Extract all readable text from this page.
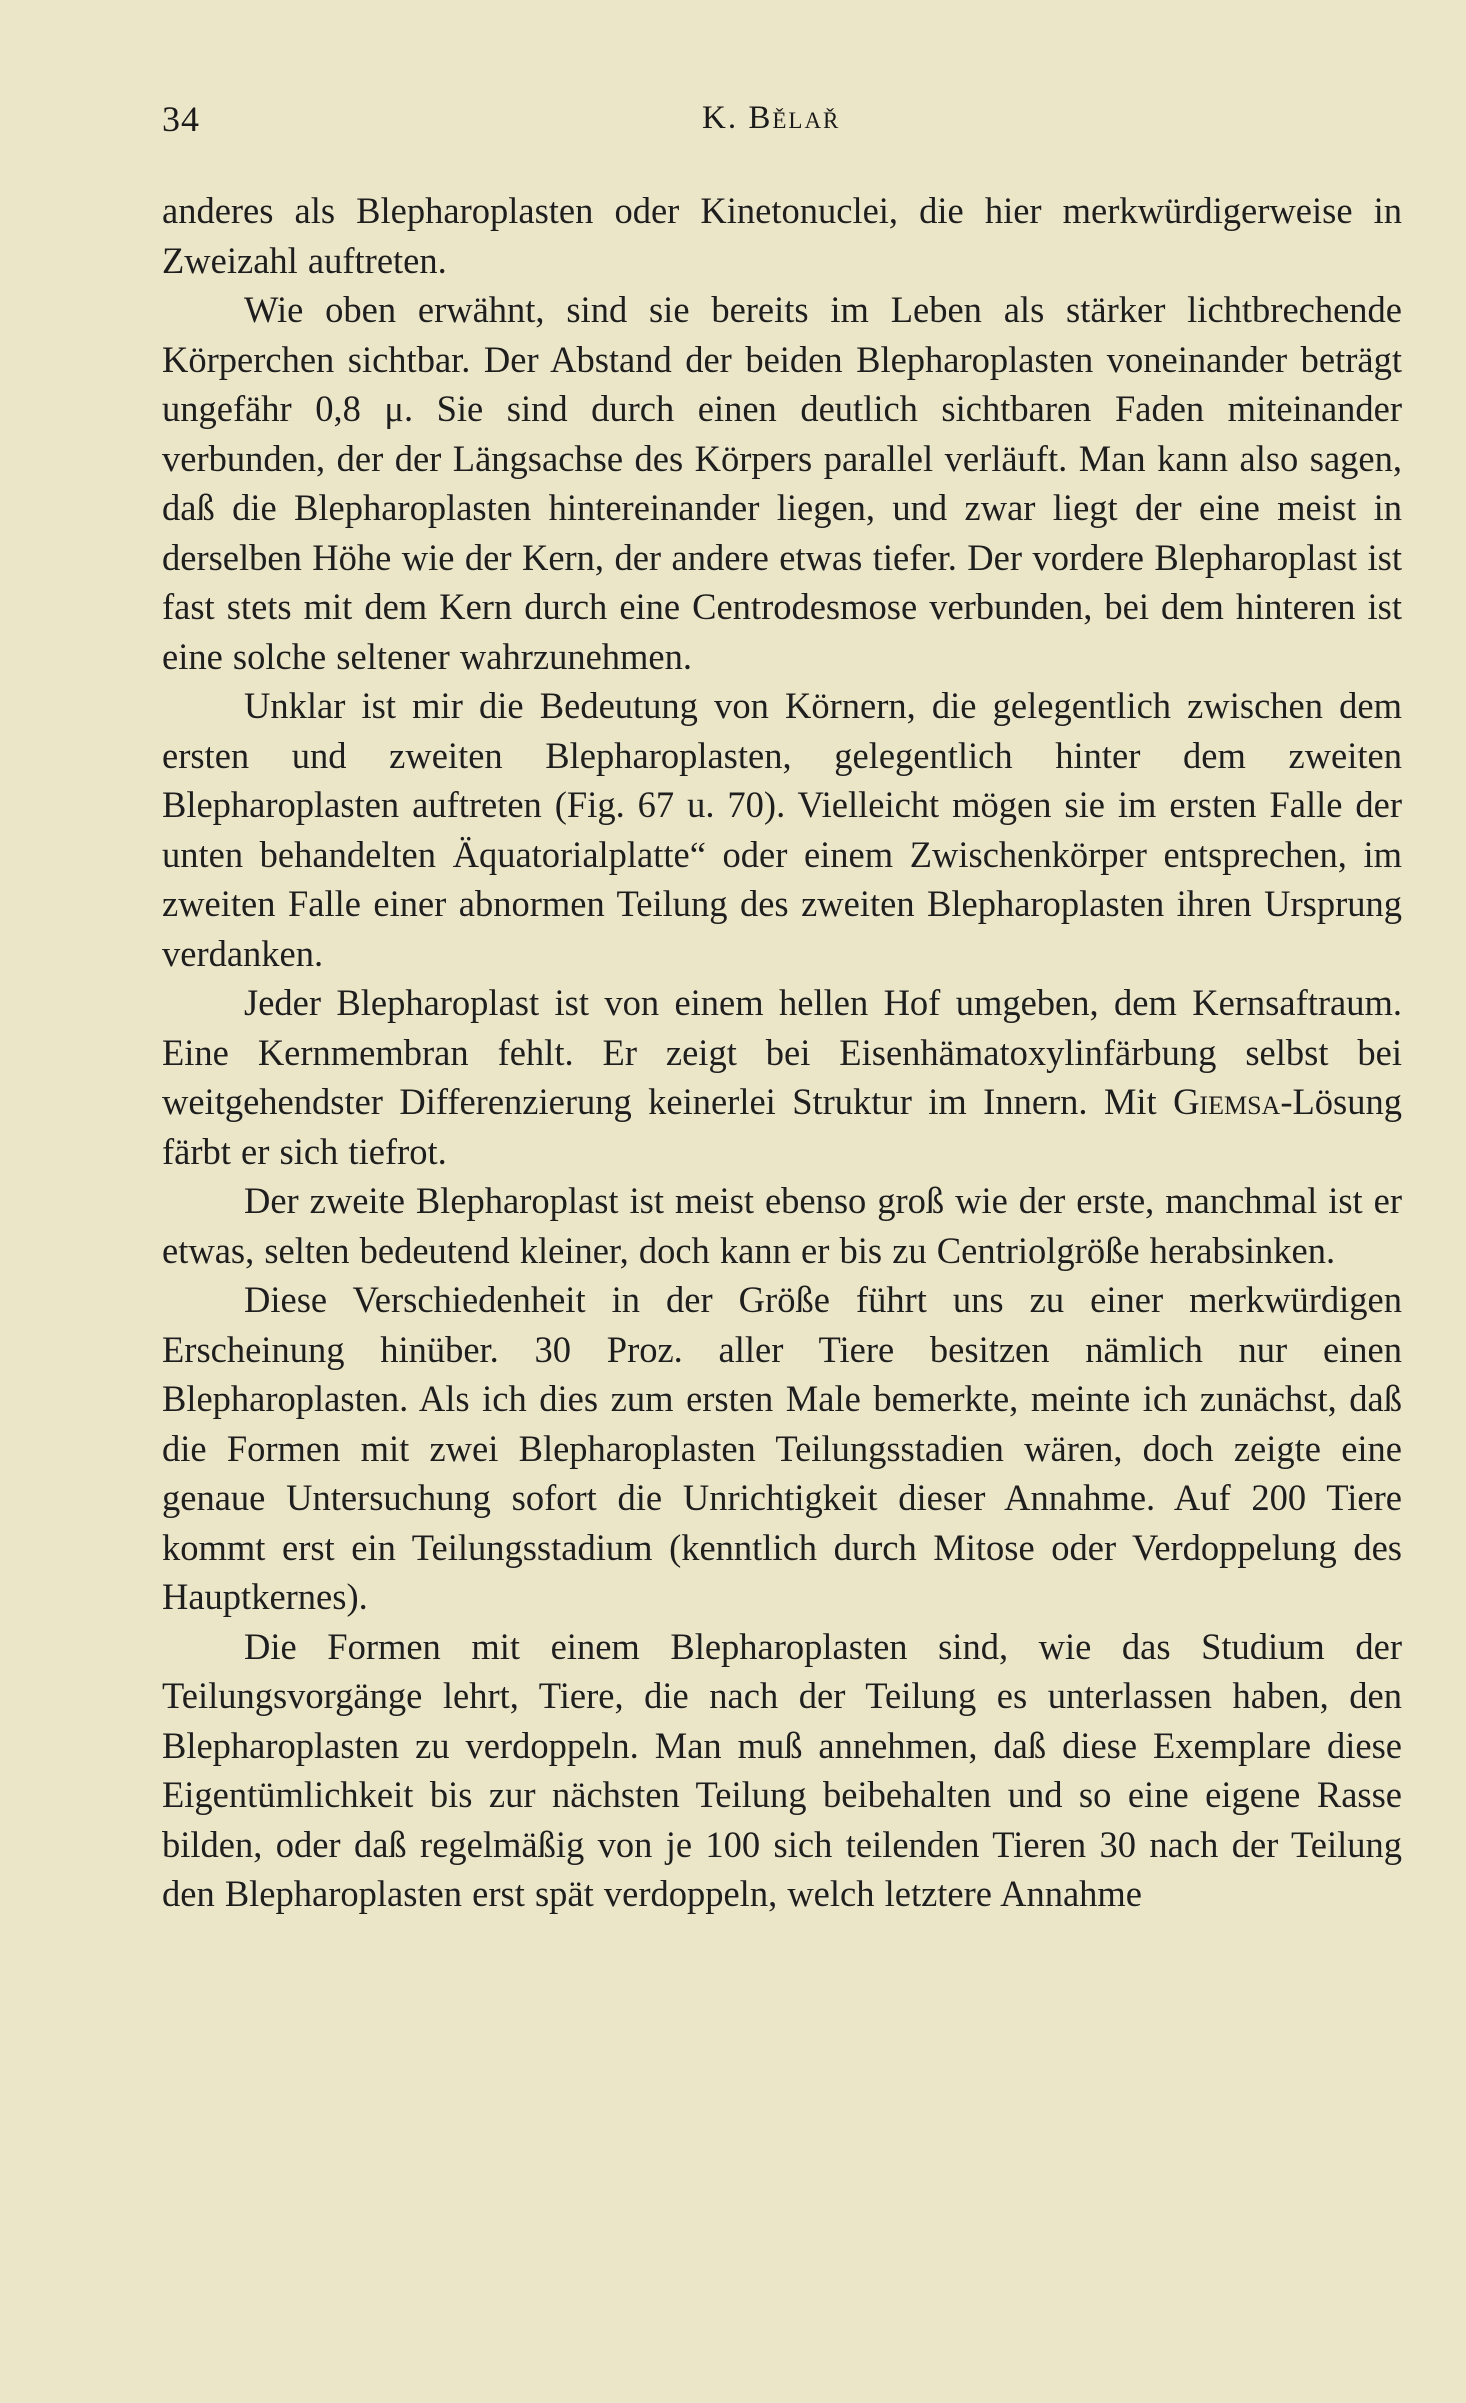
34	K. Bělař

anderes als Blepharoplasten oder Kinetonuclei, die hier merkwürdigerweise in Zweizahl auftreten.

Wie oben erwähnt, sind sie bereits im Leben als stärker lichtbrechende Körperchen sichtbar. Der Abstand der beiden Blepharoplasten voneinander beträgt ungefähr 0,8 μ. Sie sind durch einen deutlich sichtbaren Faden miteinander verbunden, der der Längsachse des Körpers parallel verläuft. Man kann also sagen, daß die Blepharoplasten hintereinander liegen, und zwar liegt der eine meist in derselben Höhe wie der Kern, der andere etwas tiefer. Der vordere Blepharoplast ist fast stets mit dem Kern durch eine Centrodesmose verbunden, bei dem hinteren ist eine solche seltener wahrzunehmen.

Unklar ist mir die Bedeutung von Körnern, die gelegentlich zwischen dem ersten und zweiten Blepharoplasten, gelegentlich hinter dem zweiten Blepharoplasten auftreten (Fig. 67 u. 70). Vielleicht mögen sie im ersten Falle der unten behandelten Äquatorialplatte“ oder einem Zwischenkörper entsprechen, im zweiten Falle einer abnormen Teilung des zweiten Blepharoplasten ihren Ursprung verdanken.

Jeder Blepharoplast ist von einem hellen Hof umgeben, dem Kernsaftraum. Eine Kernmembran fehlt. Er zeigt bei Eisenhämatoxylinfärbung selbst bei weitgehendster Differenzierung keinerlei Struktur im Innern. Mit Giemsa-Lösung färbt er sich tiefrot.

Der zweite Blepharoplast ist meist ebenso groß wie der erste, manchmal ist er etwas, selten bedeutend kleiner, doch kann er bis zu Centriolgröße herabsinken.

Diese Verschiedenheit in der Größe führt uns zu einer merkwürdigen Erscheinung hinüber. 30 Proz. aller Tiere besitzen nämlich nur einen Blepharoplasten. Als ich dies zum ersten Male bemerkte, meinte ich zunächst, daß die Formen mit zwei Blepharoplasten Teilungsstadien wären, doch zeigte eine genaue Untersuchung sofort die Unrichtigkeit dieser Annahme. Auf 200 Tiere kommt erst ein Teilungsstadium (kenntlich durch Mitose oder Verdoppelung des Hauptkernes).

Die Formen mit einem Blepharoplasten sind, wie das Studium der Teilungsvorgänge lehrt, Tiere, die nach der Teilung es unterlassen haben, den Blepharoplasten zu verdoppeln. Man muß annehmen, daß diese Exemplare diese Eigentümlichkeit bis zur nächsten Teilung beibehalten und so eine eigene Rasse bilden, oder daß regelmäßig von je 100 sich teilenden Tieren 30 nach der Teilung den Blepharoplasten erst spät verdoppeln, welch letztere Annahme
